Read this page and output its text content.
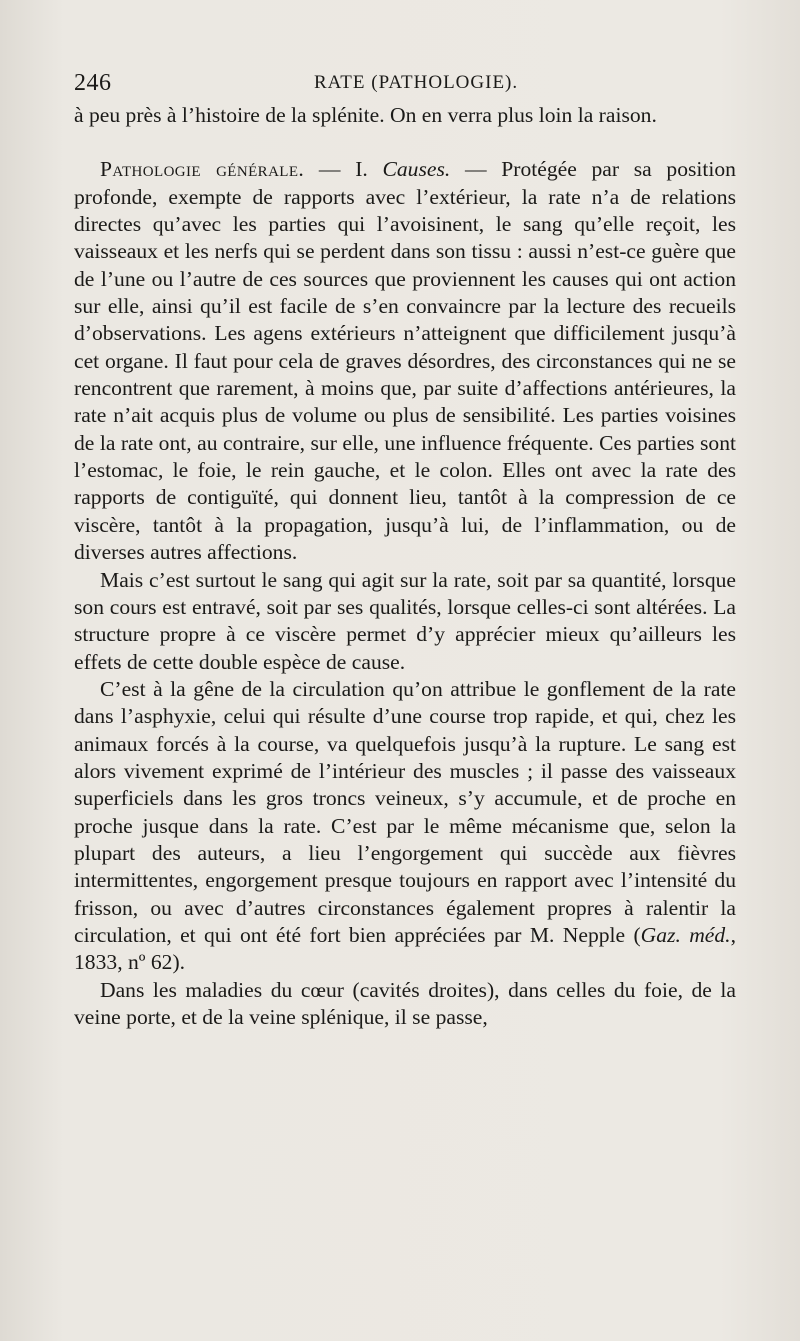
246	RATE (PATHOLOGIE).

à peu près à l’histoire de la splénite. On en verra plus loin la raison.

Pathologie générale. — I. Causes. — Protégée par sa position profonde, exempte de rapports avec l’extérieur, la rate n’a de relations directes qu’avec les parties qui l’avoisinent, le sang qu’elle reçoit, les vaisseaux et les nerfs qui se perdent dans son tissu : aussi n’est-ce guère que de l’une ou l’autre de ces sources que proviennent les causes qui ont action sur elle, ainsi qu’il est facile de s’en convaincre par la lecture des recueils d’observations. Les agens extérieurs n’atteignent que difficilement jusqu’à cet organe. Il faut pour cela de graves désordres, des circonstances qui ne se rencontrent que rarement, à moins que, par suite d’affections antérieures, la rate n’ait acquis plus de volume ou plus de sensibilité. Les parties voisines de la rate ont, au contraire, sur elle, une influence fréquente. Ces parties sont l’estomac, le foie, le rein gauche, et le colon. Elles ont avec la rate des rapports de contiguïté, qui donnent lieu, tantôt à la compression de ce viscère, tantôt à la propagation, jusqu’à lui, de l’inflammation, ou de diverses autres affections.

Mais c’est surtout le sang qui agit sur la rate, soit par sa quantité, lorsque son cours est entravé, soit par ses qualités, lorsque celles-ci sont altérées. La structure propre à ce viscère permet d’y apprécier mieux qu’ailleurs les effets de cette double espèce de cause.

C’est à la gêne de la circulation qu’on attribue le gonflement de la rate dans l’asphyxie, celui qui résulte d’une course trop rapide, et qui, chez les animaux forcés à la course, va quelquefois jusqu’à la rupture. Le sang est alors vivement exprimé de l’intérieur des muscles ; il passe des vaisseaux superficiels dans les gros troncs veineux, s’y accumule, et de proche en proche jusque dans la rate. C’est par le même mécanisme que, selon la plupart des auteurs, a lieu l’engorgement qui succède aux fièvres intermittentes, engorgement presque toujours en rapport avec l’intensité du frisson, ou avec d’autres circonstances également propres à ralentir la circulation, et qui ont été fort bien appréciées par M. Nepple (Gaz. méd., 1833, nº 62).

Dans les maladies du cœur (cavités droites), dans celles du foie, de la veine porte, et de la veine splénique, il se passe,
